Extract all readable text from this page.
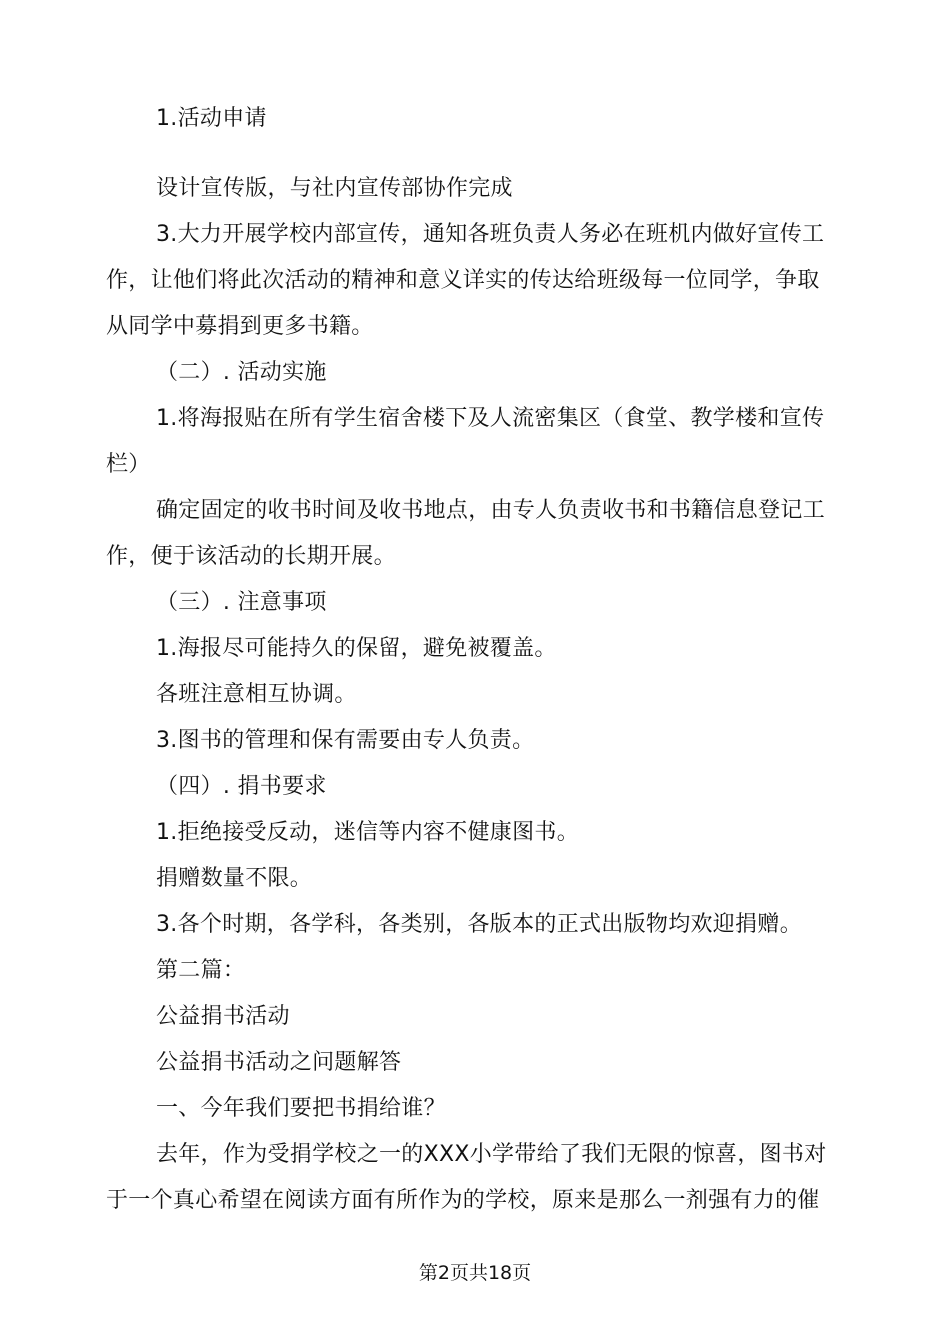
1.活动申请

设计宣传版，与社内宣传部协作完成

3.大力开展学校内部宣传，通知各班负责人务必在班机内做好宣传工作，让他们将此次活动的精神和意义详实的传达给班级每一位同学，争取从同学中募捐到更多书籍。

（二）. 活动实施

1.将海报贴在所有学生宿舍楼下及人流密集区（食堂、教学楼和宣传栏）

确定固定的收书时间及收书地点，由专人负责收书和书籍信息登记工作，便于该活动的长期开展。

（三）. 注意事项

1.海报尽可能持久的保留，避免被覆盖。

各班注意相互协调。

3.图书的管理和保有需要由专人负责。

（四）. 捐书要求

1.拒绝接受反动，迷信等内容不健康图书。

捐赠数量不限。

3.各个时期，各学科，各类别，各版本的正式出版物均欢迎捐赠。

第二篇：

公益捐书活动

公益捐书活动之问题解答

一、今年我们要把书捐给谁？

去年，作为受捐学校之一的XXX小学带给了我们无限的惊喜，图书对于一个真心希望在阅读方面有所作为的学校，原来是那么一剂强有力的催

第2页共18页
